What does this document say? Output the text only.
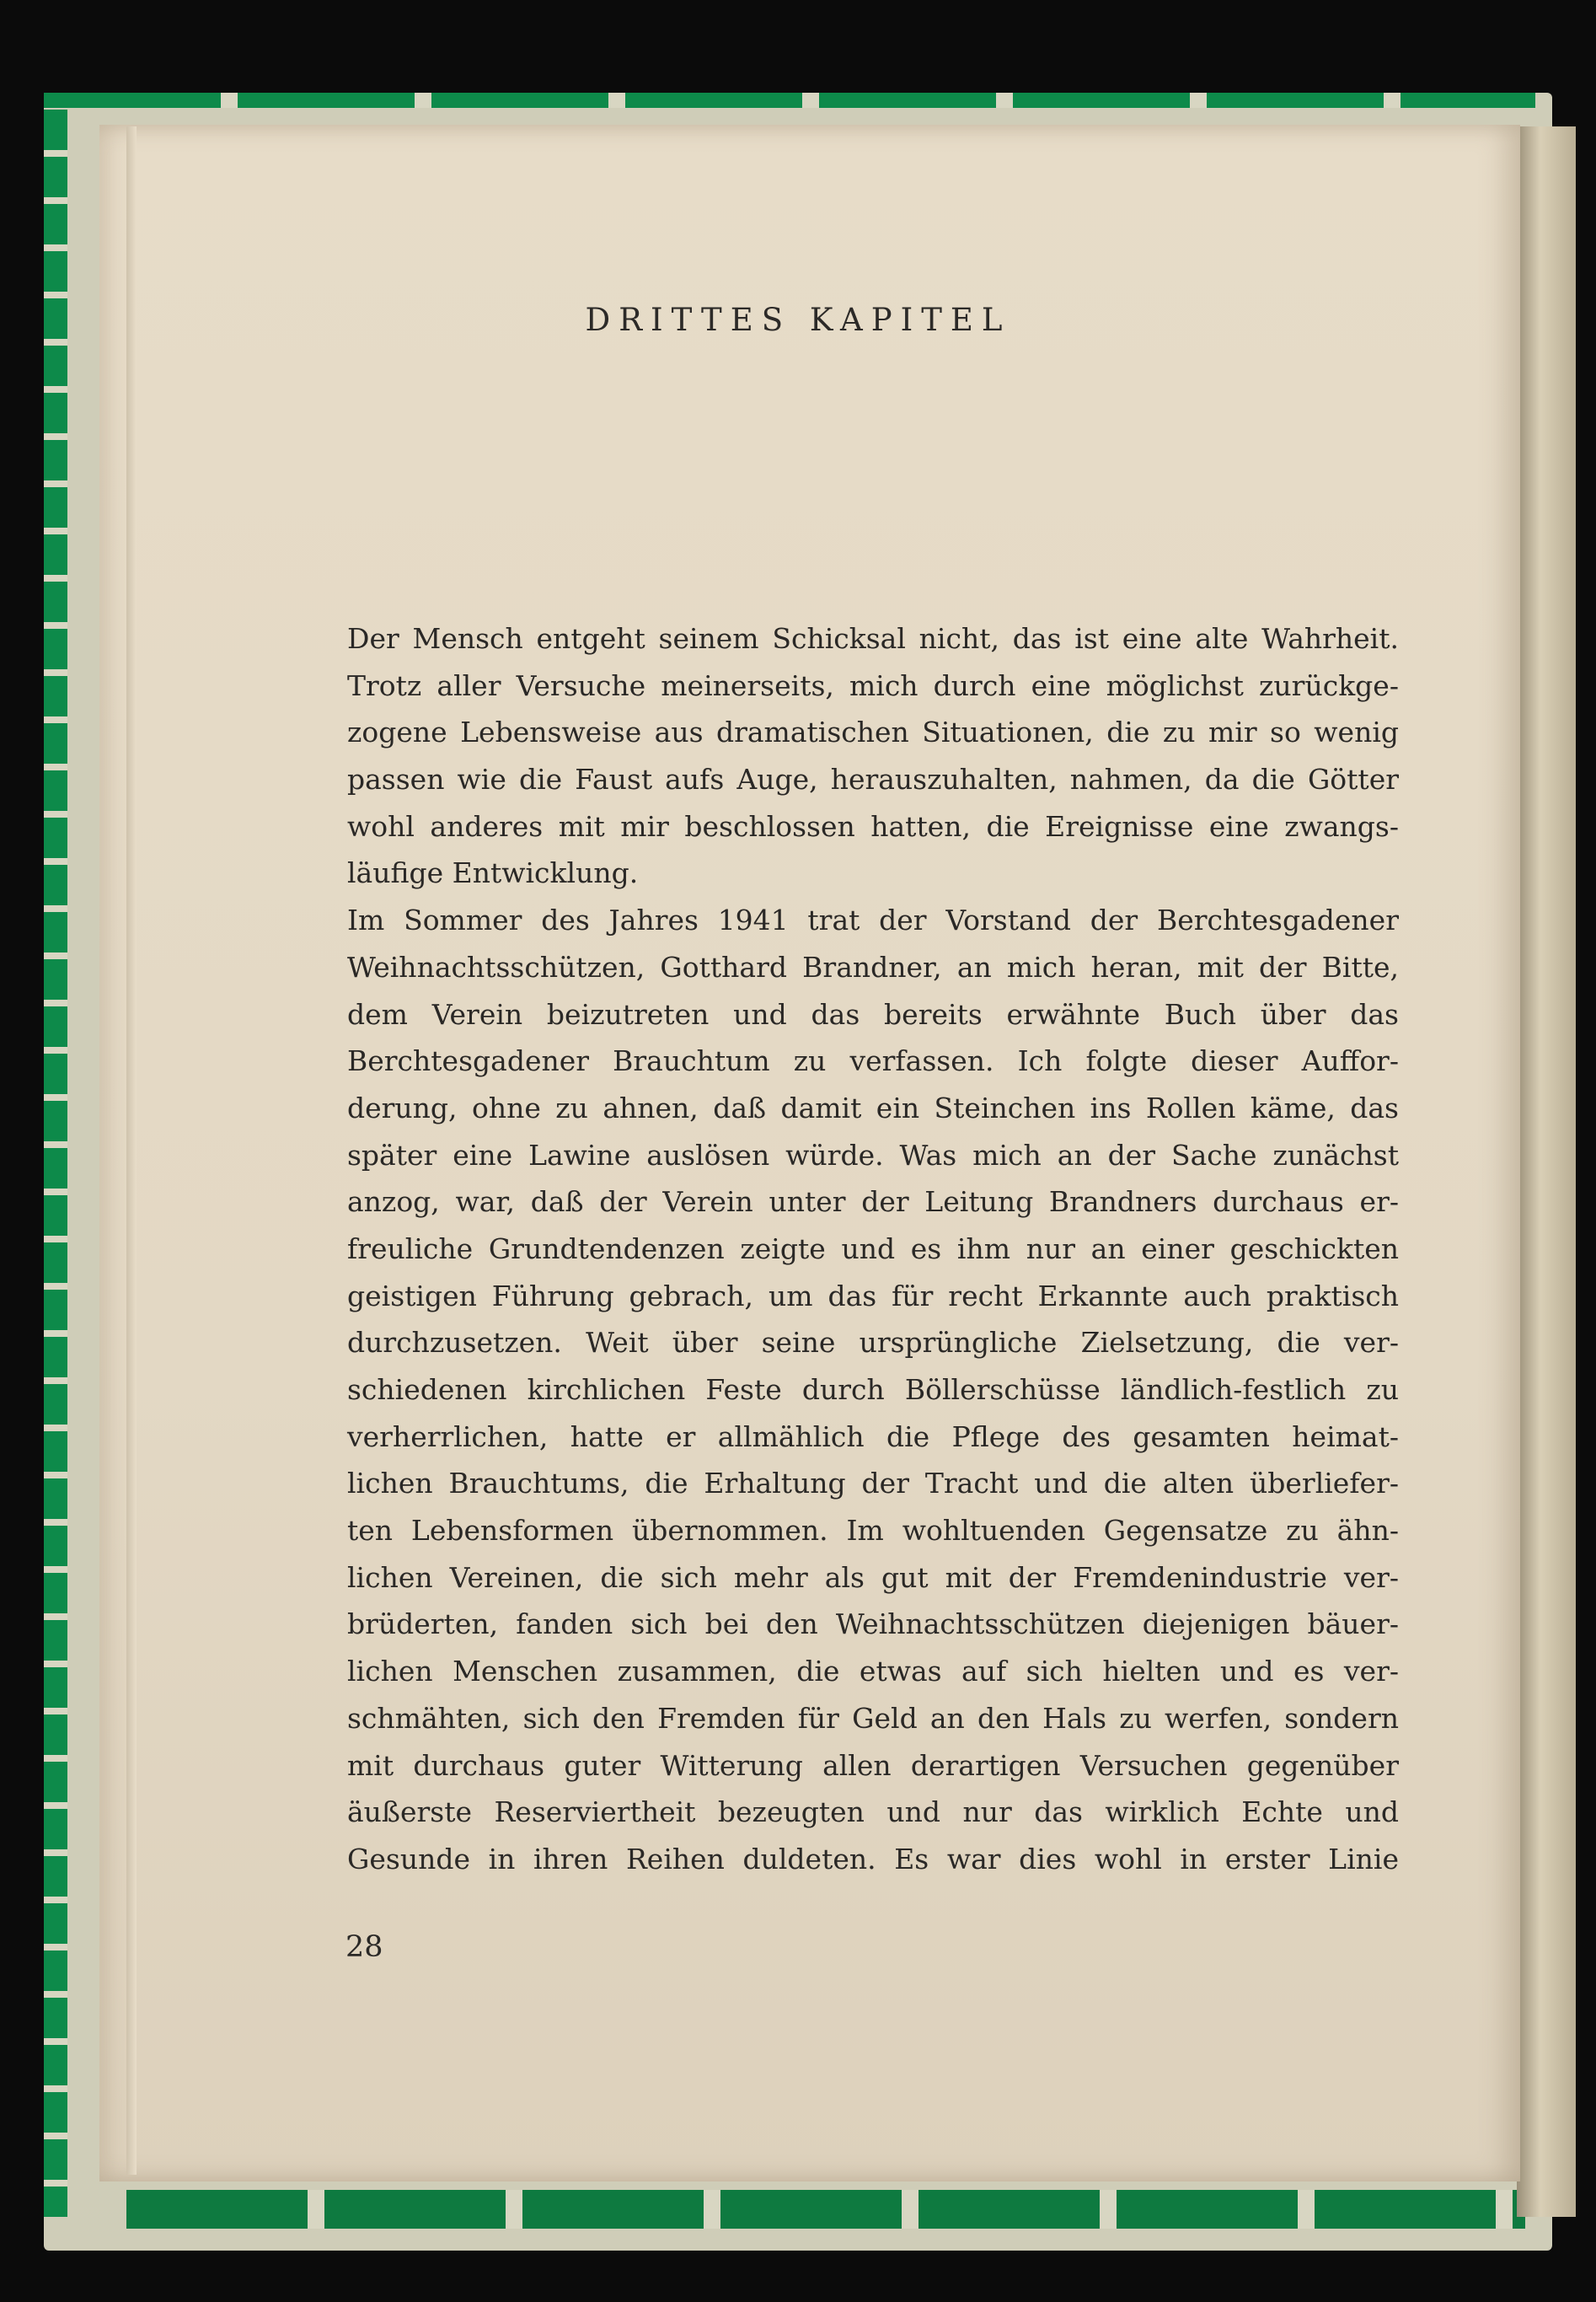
DRITTES KAPITEL
Der Mensch entgeht seinem Schicksal nicht, das ist eine alte Wahrheit.
Trotz aller Versuche meinerseits, mich durch eine möglichst zurückge-
zogene Lebensweise aus dramatischen Situationen, die zu mir so wenig
passen wie die Faust aufs Auge, herauszuhalten, nahmen, da die Götter
wohl anderes mit mir beschlossen hatten, die Ereignisse eine zwangs-
läufige Entwicklung.
Im Sommer des Jahres 1941 trat der Vorstand der Berchtesgadener
Weihnachtsschützen, Gotthard Brandner, an mich heran, mit der Bitte,
dem Verein beizutreten und das bereits erwähnte Buch über das
Berchtesgadener Brauchtum zu verfassen. Ich folgte dieser Auffor-
derung, ohne zu ahnen, daß damit ein Steinchen ins Rollen käme, das
später eine Lawine auslösen würde. Was mich an der Sache zunächst
anzog, war, daß der Verein unter der Leitung Brandners durchaus er-
freuliche Grundtendenzen zeigte und es ihm nur an einer geschickten
geistigen Führung gebrach, um das für recht Erkannte auch praktisch
durchzusetzen. Weit über seine ursprüngliche Zielsetzung, die ver-
schiedenen kirchlichen Feste durch Böllerschüsse ländlich-festlich zu
verherrlichen, hatte er allmählich die Pflege des gesamten heimat-
lichen Brauchtums, die Erhaltung der Tracht und die alten überliefer-
ten Lebensformen übernommen. Im wohltuenden Gegensatze zu ähn-
lichen Vereinen, die sich mehr als gut mit der Fremdenindustrie ver-
brüderten, fanden sich bei den Weihnachtsschützen diejenigen bäuer-
lichen Menschen zusammen, die etwas auf sich hielten und es ver-
schmähten, sich den Fremden für Geld an den Hals zu werfen, sondern
mit durchaus guter Witterung allen derartigen Versuchen gegenüber
äußerste Reserviertheit bezeugten und nur das wirklich Echte und
Gesunde in ihren Reihen duldeten. Es war dies wohl in erster Linie
28
